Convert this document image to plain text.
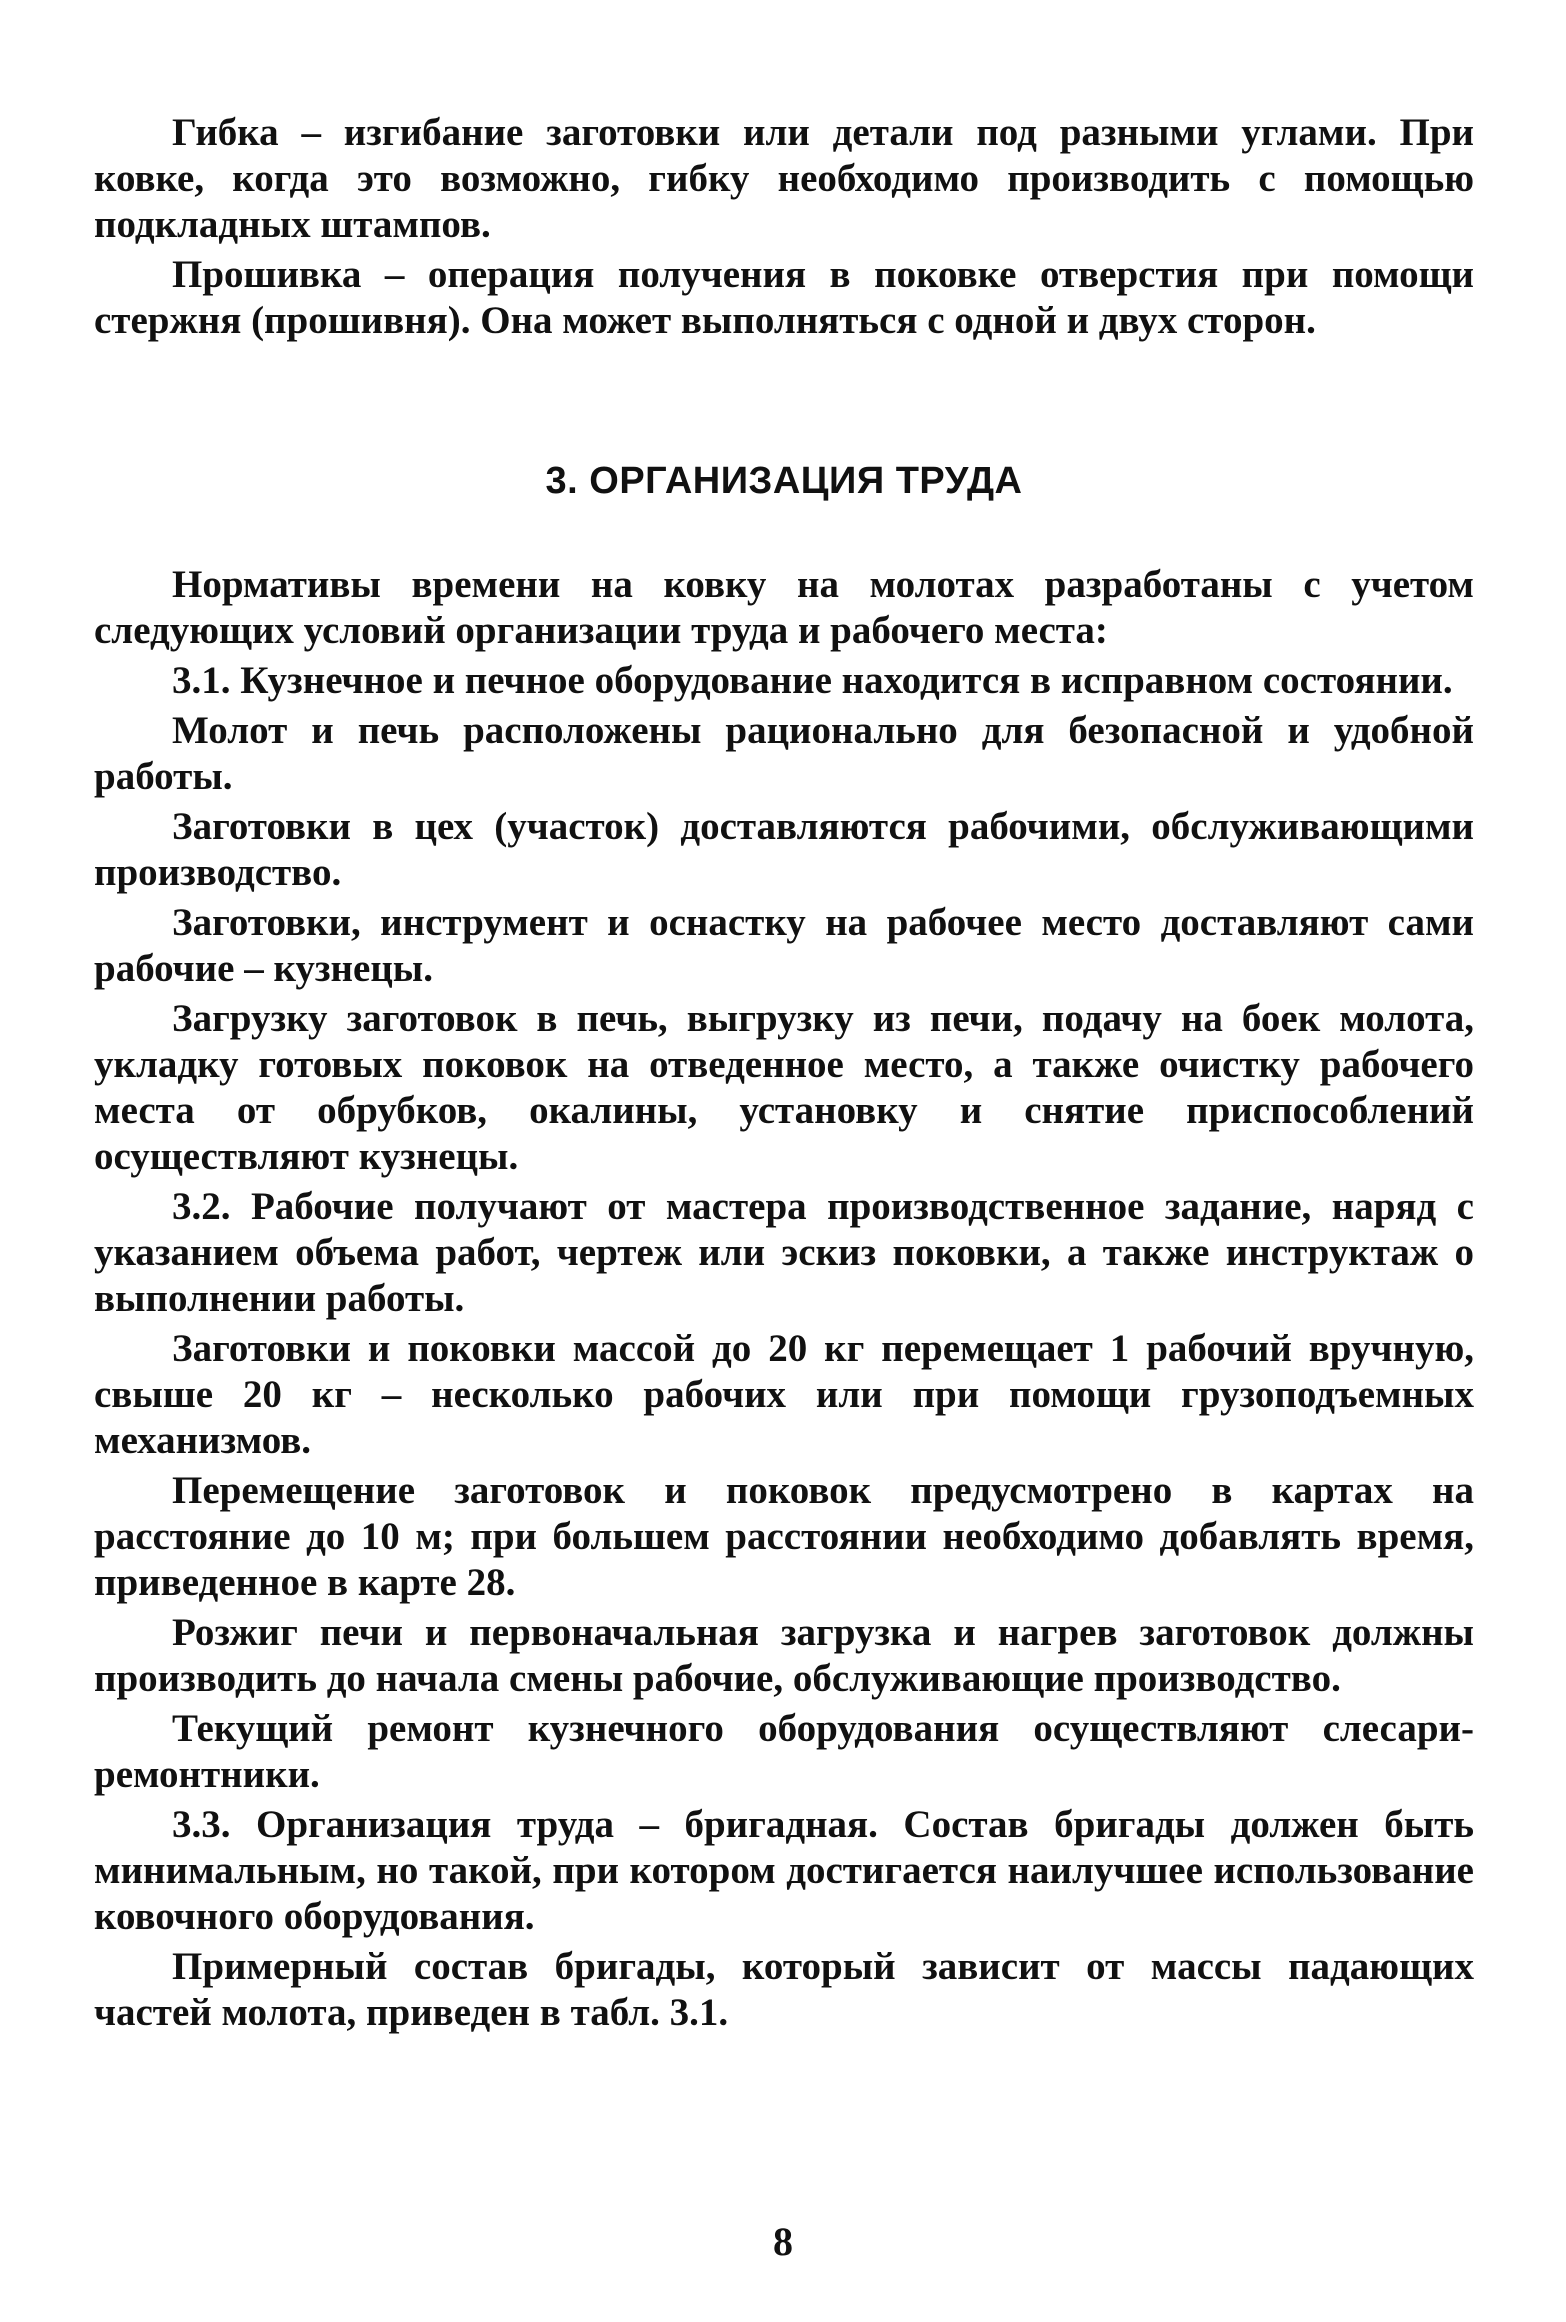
Гибка – изгибание заготовки или детали под разными углами. При ковке, когда это возможно, гибку необходимо производить с помощью подкладных штампов.

Прошивка – операция получения в поковке отверстия при помощи стержня (прошивня). Она может выполняться с одной и двух сторон.

3. ОРГАНИЗАЦИЯ ТРУДА

Нормативы времени на ковку на молотах разработаны с учетом следующих условий организации труда и рабочего места:

3.1. Кузнечное и печное оборудование находится в исправном состоянии.

Молот и печь расположены рационально для безопасной и удобной работы.

Заготовки в цех (участок) доставляются рабочими, обслуживающими производство.

Заготовки, инструмент и оснастку на рабочее место доставляют сами рабочие – кузнецы.

Загрузку заготовок в печь, выгрузку из печи, подачу на боек молота, укладку готовых поковок на отведенное место, а также очистку рабочего места от обрубков, окалины, установку и снятие приспособлений осуществляют кузнецы.

3.2. Рабочие получают от мастера производственное задание, наряд с указанием объема работ, чертеж или эскиз поковки, а также инструктаж о выполнении работы.

Заготовки и поковки массой до 20 кг перемещает 1 рабочий вручную, свыше 20 кг – несколько рабочих или при помощи грузоподъемных механизмов.

Перемещение заготовок и поковок предусмотрено в картах на расстояние до 10 м; при большем расстоянии необходимо добавлять время, приведенное в карте 28.

Розжиг печи и первоначальная загрузка и нагрев заготовок должны производить до начала смены рабочие, обслуживающие производство.

Текущий ремонт кузнечного оборудования осуществляют слесари-ремонтники.

3.3. Организация труда – бригадная. Состав бригады должен быть минимальным, но такой, при котором достигается наилучшее использование ковочного оборудования.

Примерный состав бригады, который зависит от массы падающих частей молота, приведен в табл. 3.1.

8
